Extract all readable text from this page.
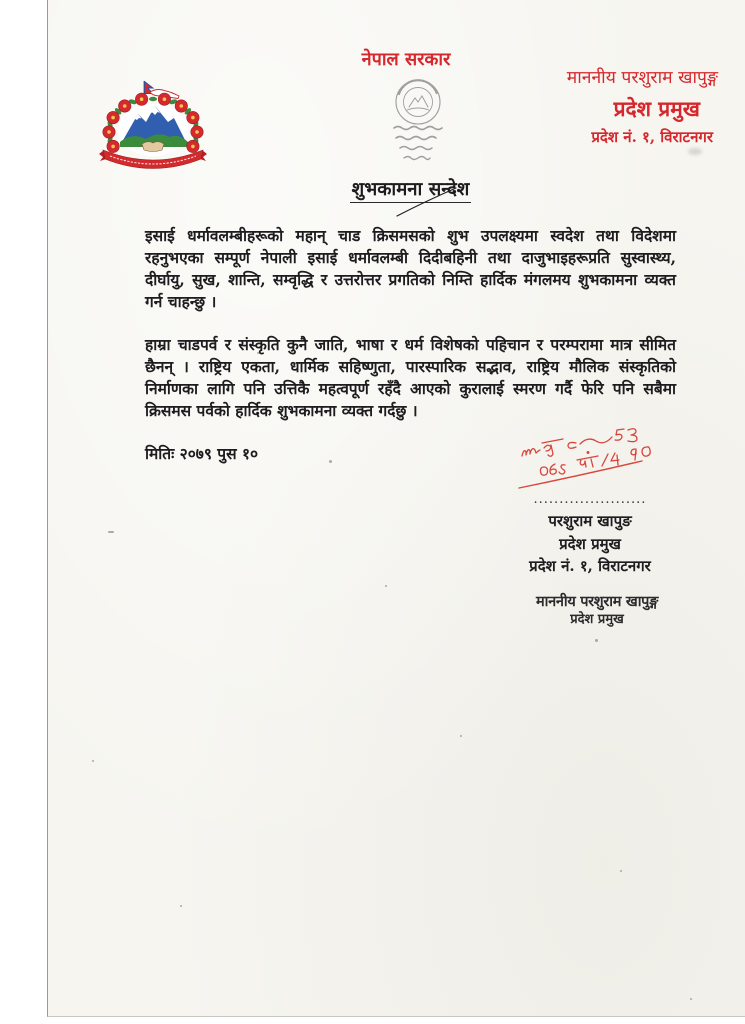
नेपाल सरकार
माननीय परशुराम खापुङ्ग
प्रदेश प्रमुख
प्रदेश नं. १, विराटनगर
शुभकामना सन्देश

इसाई धर्मावलम्बीहरूको महान् चाड क्रिसमसको शुभ उपलक्ष्यमा स्वदेश तथा विदेशमा रहनुभएका सम्पूर्ण नेपाली इसाई धर्मावलम्बी दिदीबहिनी तथा दाजुभाइहरूप्रति सुस्वास्थ्य, दीर्घायु, सुख, शान्ति, सम्वृद्धि र उत्तरोत्तर प्रगतिको निम्ति हार्दिक मंगलमय शुभकामना व्यक्त गर्न चाहन्छु ।

हाम्रा चाडपर्व र संस्कृति कुनै जाति, भाषा र धर्म विशेषको पहिचान र परम्परामा मात्र सीमित छैनन् । राष्ट्रिय एकता, धार्मिक सहिष्णुता, पारस्पारिक सद्भाव, राष्ट्रिय मौलिक संस्कृतिको निर्माणका लागि पनि उत्तिकै महत्वपूर्ण रहँदै आएको कुरालाई स्मरण गर्दै फेरि पनि सबैमा क्रिसमस पर्वको हार्दिक शुभकामना व्यक्त गर्दछु ।

मितिः २०७९ पुस १०
......................
परशुराम खापुङ
प्रदेश प्रमुख
प्रदेश नं. १, विराटनगर
माननीय परशुराम खापुङ्ग
प्रदेश प्रमुख
